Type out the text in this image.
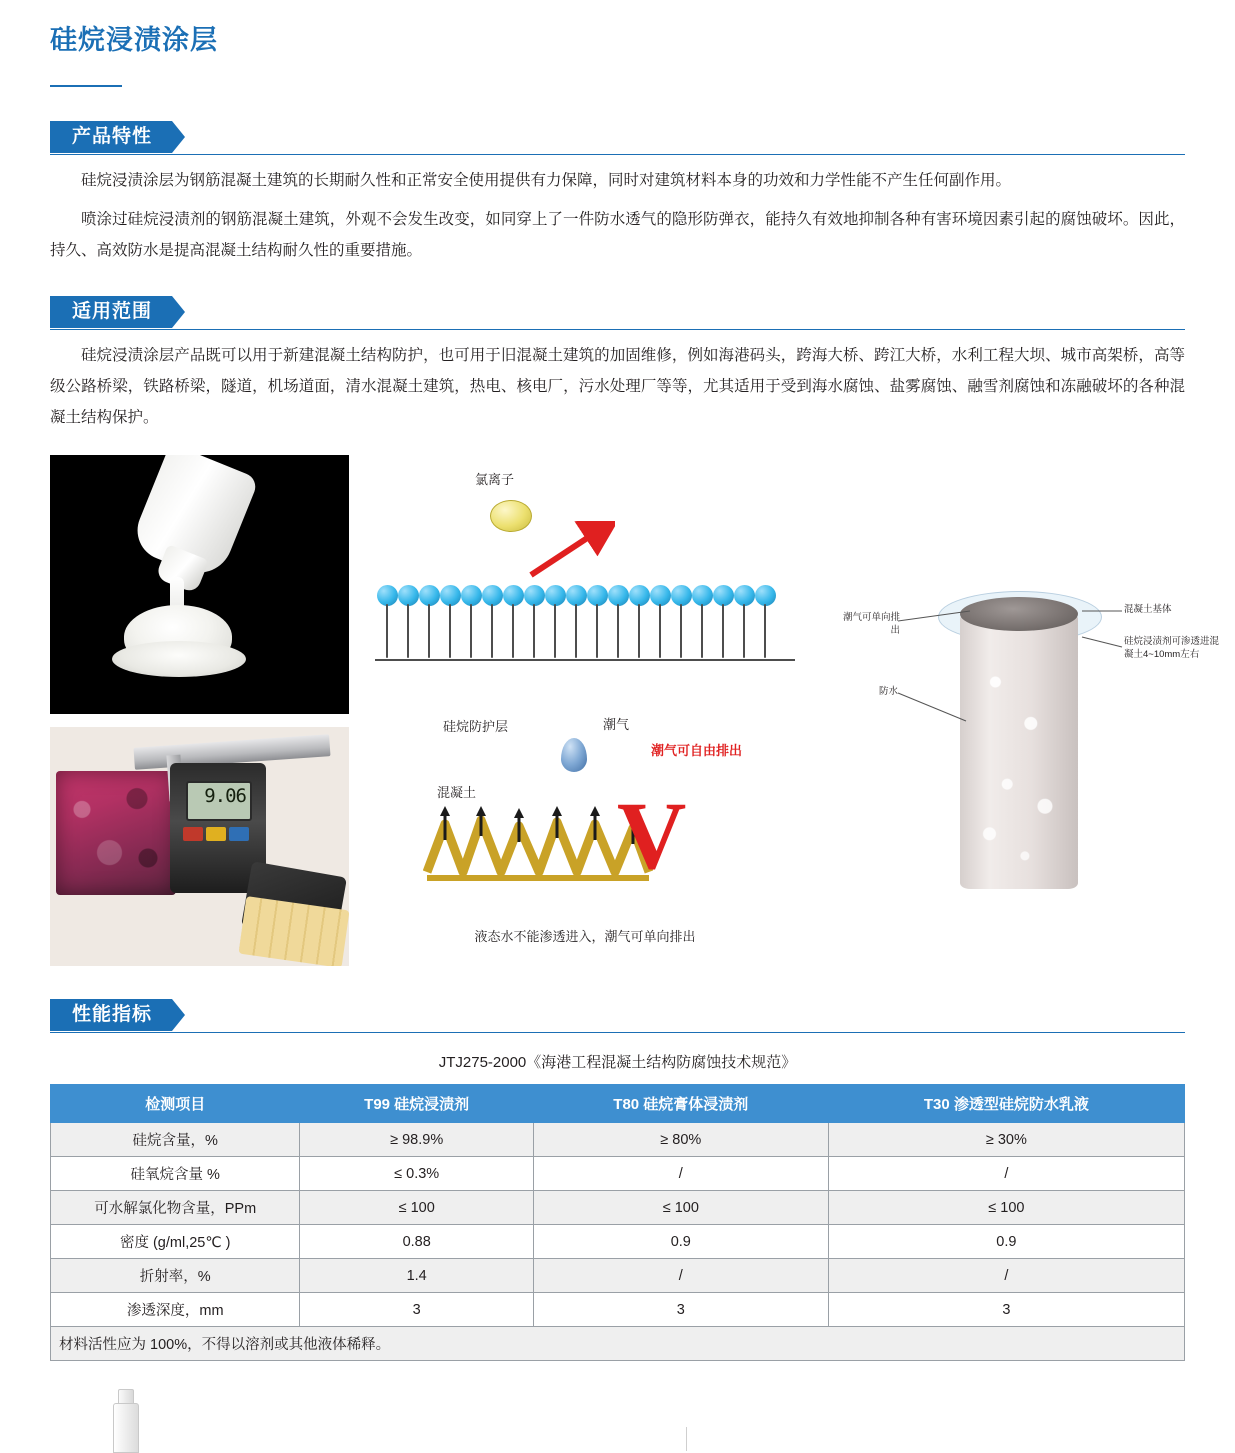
硅烷浸渍涂层
产品特性

硅烷浸渍涂层为钢筋混凝土建筑的长期耐久性和正常安全使用提供有力保障，同时对建筑材料本身的功效和力学性能不产生任何副作用。

喷涂过硅烷浸渍剂的钢筋混凝土建筑，外观不会发生改变，如同穿上了一件防水透气的隐形防弹衣，能持久有效地抑制各种有害环境因素引起的腐蚀破坏。因此，持久、高效防水是提高混凝土结构耐久性的重要措施。

适用范围

硅烷浸渍涂层产品既可以用于新建混凝土结构防护，也可用于旧混凝土建筑的加固维修，例如海港码头，跨海大桥、跨江大桥，水利工程大坝、城市高架桥，高等级公路桥梁，铁路桥梁，隧道，机场道面，清水混凝土建筑，热电、核电厂，污水处理厂等等，尤其适用于受到海水腐蚀、盐雾腐蚀、融雪剂腐蚀和冻融破坏的各种混凝土结构保护。

9.06
氯离子
硅烷防护层
混凝土
潮气
潮气可自由排出
V
液态水不能渗透进入，潮气可单向排出
潮气可单向排出
防水
混凝土基体
硅烷浸渍剂可渗透进混凝土4~10mm左右
性能指标
JTJ275-2000《海港工程混凝土结构防腐蚀技术规范》
检测项目	T99 硅烷浸渍剂	T80 硅烷膏体浸渍剂	T30 渗透型硅烷防水乳液
硅烷含量，%	≥ 98.9%	≥ 80%	≥ 30%
硅氧烷含量 %	≤ 0.3%	/	/
可水解氯化物含量，PPm	≤ 100	≤ 100	≤ 100
密度 (g/ml,25℃ )	0.88	0.9	0.9
折射率，%	1.4	/	/
渗透深度，mm	3	3	3
材料活性应为 100%，不得以溶剂或其他液体稀释。			
